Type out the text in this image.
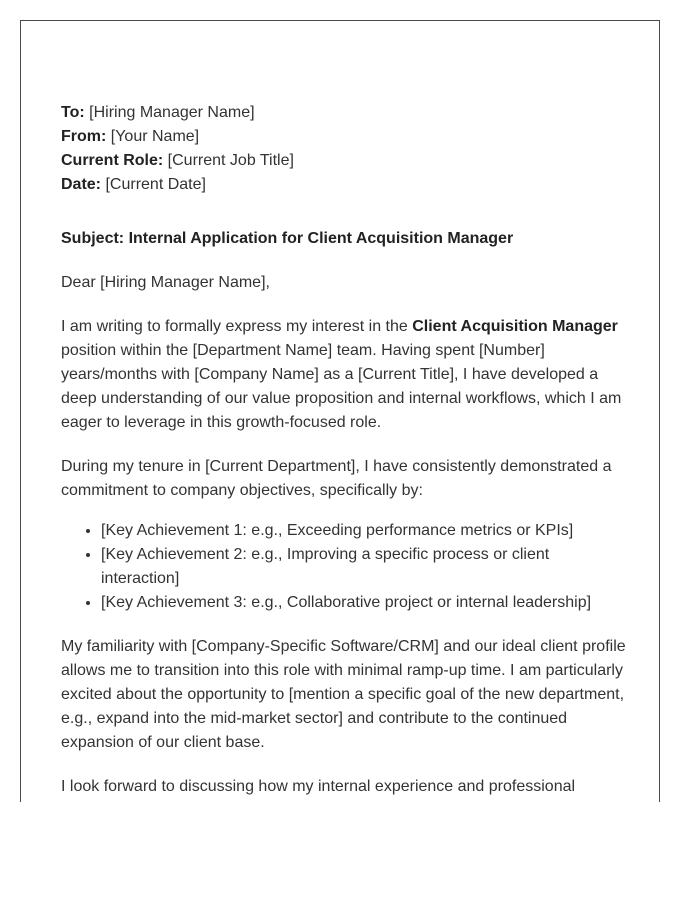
To: [Hiring Manager Name]
From: [Your Name]
Current Role: [Current Job Title]
Date: [Current Date]
Subject: Internal Application for Client Acquisition Manager

Dear [Hiring Manager Name],

I am writing to formally express my interest in the Client Acquisition Manager position within the [Department Name] team. Having spent [Number] years/months with [Company Name] as a [Current Title], I have developed a deep understanding of our value proposition and internal workflows, which I am eager to leverage in this growth-focused role.

During my tenure in [Current Department], I have consistently demonstrated a commitment to company objectives, specifically by:

• [Key Achievement 1: e.g., Exceeding performance metrics or KPIs]
• [Key Achievement 2: e.g., Improving a specific process or client interaction]
• [Key Achievement 3: e.g., Collaborative project or internal leadership]

My familiarity with [Company-Specific Software/CRM] and our ideal client profile allows me to transition into this role with minimal ramp-up time. I am particularly excited about the opportunity to [mention a specific goal of the new department, e.g., expand into the mid-market sector] and contribute to the continued expansion of our client base.

I look forward to discussing how my internal experience and professional
